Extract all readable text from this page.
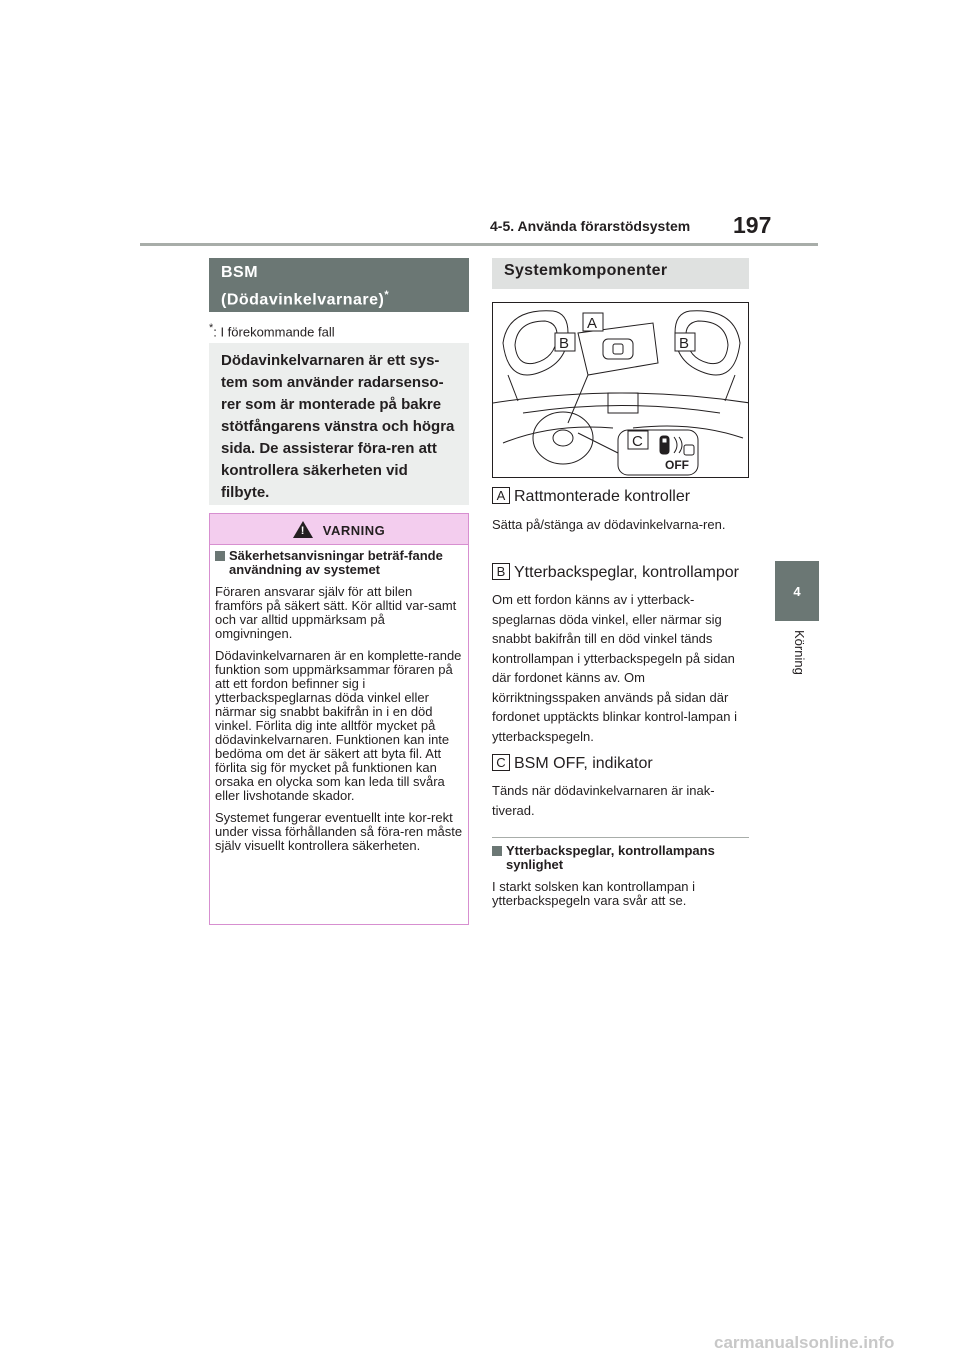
4-5. Använda förarstödsystem 197
4
Körning
BSM
(Dödavinkelvarnare)*
*: I förekommande fall
Dödavinkelvarnaren är ett sys-tem som använder radarsenso-rer som är monterade på bakre stötfångarens vänstra och högra sida. De assisterar föra-ren att kontrollera säkerheten vid filbyte.
! VARNING
Säkerhetsanvisningar beträf-fande användning av systemet

Föraren ansvarar själv för att bilen framförs på säkert sätt. Kör alltid var-samt och var alltid uppmärksam på omgivningen.

Dödavinkelvarnaren är en komplette-rande funktion som uppmärksammar föraren på att ett fordon befinner sig i ytterbackspeglarnas döda vinkel eller närmar sig snabbt bakifrån in i en död vinkel. Förlita dig inte alltför mycket på dödavinkelvarnaren. Funktionen kan inte bedöma om det är säkert att byta fil. Att förlita sig för mycket på funktionen kan orsaka en olycka som kan leda till svåra eller livshotande skador.

Systemet fungerar eventuellt inte kor-rekt under vissa förhållanden så föra-ren måste själv visuellt kontrollera säkerheten.

Systemkomponenter
B
A
B
C
OFF
A Rattmonterade kontroller
Sätta på/stänga av dödavinkelvarna-ren.
B Ytterbackspeglar, kontrollampor
Om ett fordon känns av i ytterback-speglarnas döda vinkel, eller närmar sig snabbt bakifrån till en död vinkel tänds kontrollampan i ytterbackspegeln på sidan där fordonet känns av. Om körriktningsspaken används på sidan där fordonet upptäckts blinkar kontrol-lampan i ytterbackspegeln.
C BSM OFF, indikator
Tänds när dödavinkelvarnaren är inak-tiverad.
Ytterbackspeglar, kontrollampans synlighet
I starkt solsken kan kontrollampan i ytterbackspegeln vara svår att se.
carmanualsonline.info
